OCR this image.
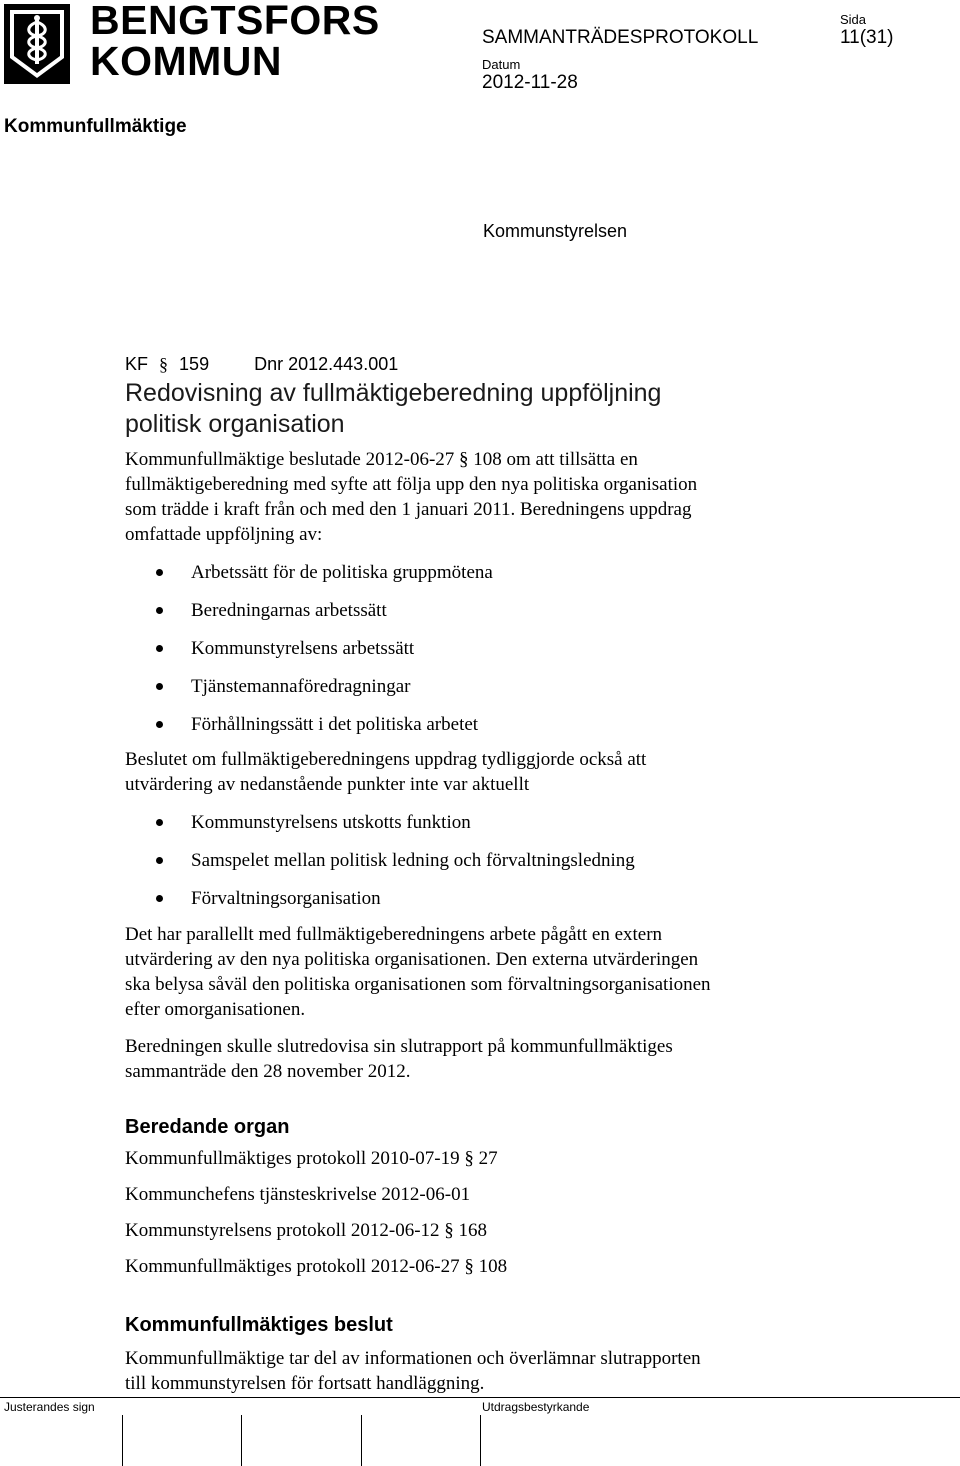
BENGTSFORS
KOMMUN
SAMMANTRÄDESPROTOKOLL
Sida
11(31)
Datum
2012-11-28
Kommunfullmäktige
Kommunstyrelsen
KF § 159	Dnr 2012.443.001
Redovisning av fullmäktigeberedning uppföljning
politisk organisation
Kommunfullmäktige beslutade 2012-06-27 § 108 om att tillsätta en
fullmäktigeberedning med syfte att följa upp den nya politiska organisation
som trädde i kraft från och med den 1 januari 2011. Beredningens uppdrag
omfattade uppföljning av:
Arbetssätt för de politiska gruppmötena
Beredningarnas arbetssätt
Kommunstyrelsens arbetssätt
Tjänstemannaföredragningar
Förhållningssätt i det politiska arbetet
Beslutet om fullmäktigeberedningens uppdrag tydliggjorde också att
utvärdering av nedanstående punkter inte var aktuellt
Kommunstyrelsens utskotts funktion
Samspelet mellan politisk ledning och förvaltningsledning
Förvaltningsorganisation
Det har parallellt med fullmäktigeberedningens arbete pågått en extern
utvärdering av den nya politiska organisationen. Den externa utvärderingen
ska belysa såväl den politiska organisationen som förvaltningsorganisationen
efter omorganisationen.
Beredningen skulle slutredovisa sin slutrapport på kommunfullmäktiges
sammanträde den 28 november 2012.
Beredande organ
Kommunfullmäktiges protokoll 2010-07-19 § 27
Kommunchefens tjänsteskrivelse 2012-06-01
Kommunstyrelsens protokoll 2012-06-12 § 168
Kommunfullmäktiges protokoll 2012-06-27 § 108
Kommunfullmäktiges beslut
Kommunfullmäktige tar del av informationen och överlämnar slutrapporten
till kommunstyrelsen för fortsatt handläggning.
Justerandes sign	Utdragsbestyrkande
